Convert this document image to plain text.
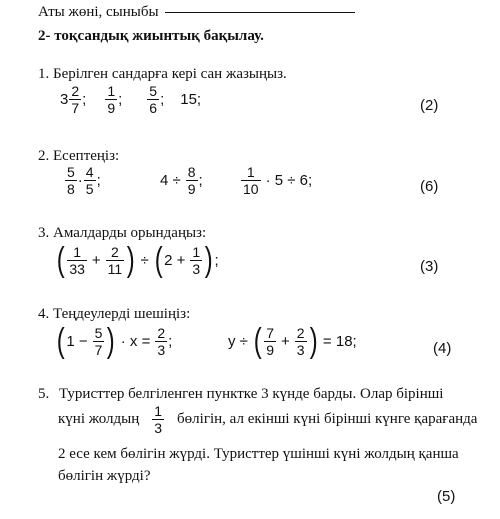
Аты жөні, сыныбы
2- тоқсандық жиынтық бақылау.
1. Берілген сандарға кері сан жазыңыз.
$3 \frac{2}{7}$ ; $\frac{1}{9}$ ; $\frac{5}{6}$ ; 15;	(2)
2. Есептеңіз:
$\frac{5}{8} \cdot \frac{4}{5}$ ;	$4 \div \frac{8}{9}$ ;	$\frac{1}{10} \cdot 5 \div 6$;	(6)
3. Амалдарды орындаңыз:
( $\frac{1}{33} + \frac{2}{11}$ ) ÷ ( $2 + \frac{1}{3}$ ) ;	(3)
4. Теңдеулерді шешіңіз:
( $1 - \frac{5}{7}$ ) · $x = \frac{2}{3}$ ;	y ÷ ( $\frac{7}{9} + \frac{2}{3}$ ) = 18;	(4)
5. Туристтер белгіленген пунктке 3 күнде барды. Олар бірінші
күні жолдың $\frac{1}{3}$ бөлігін, ал екінші күні бірінші күнге қарағанда
2 есе кем бөлігін жүрді. Туристтер үшінші күні жолдың қанша
бөлігін жүрді?
(5)
